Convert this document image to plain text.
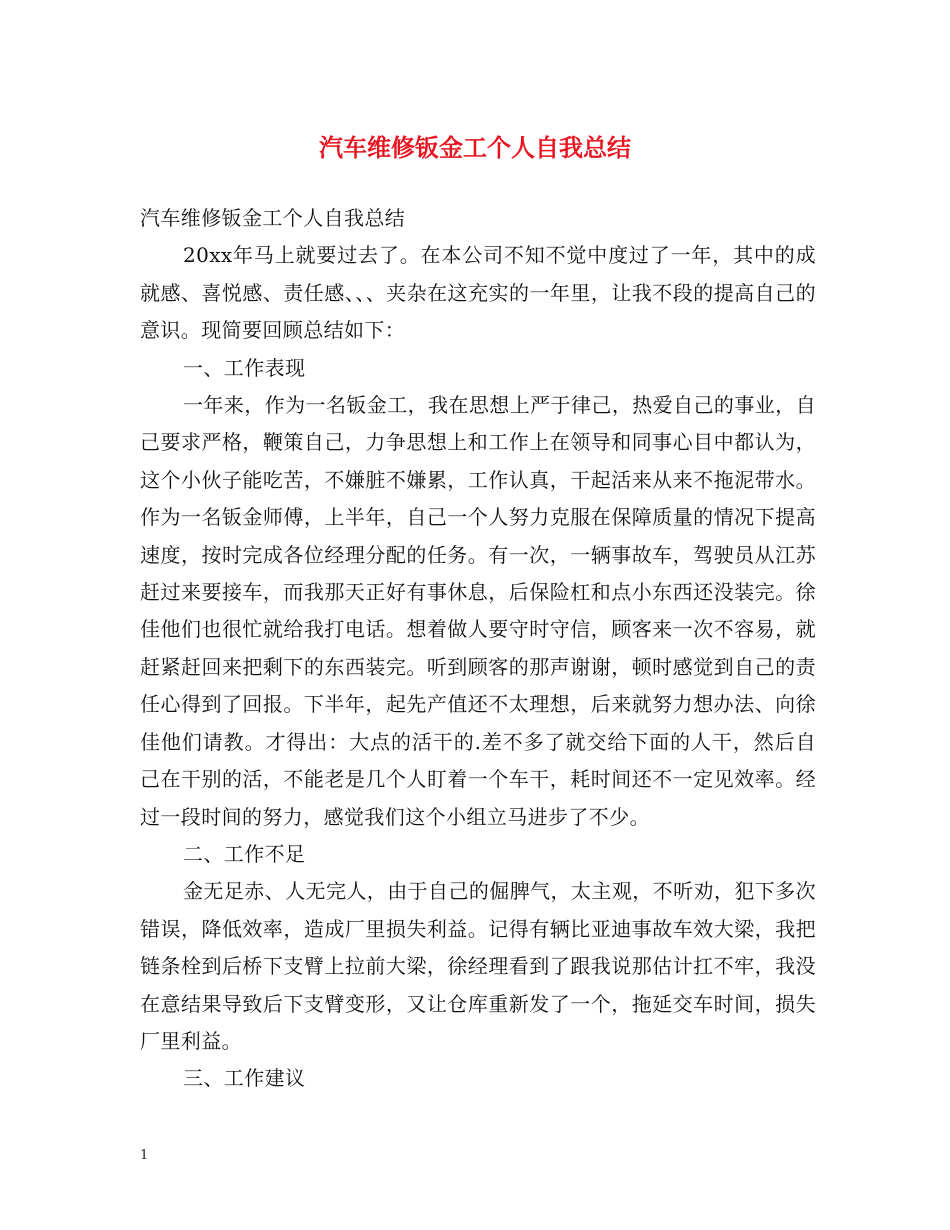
汽车维修钣金工个人自我总结

汽车维修钣金工个人自我总结

20xx年马上就要过去了。在本公司不知不觉中度过了一年，其中的成就感、喜悦感、责任感、、、夹杂在这充实的一年里，让我不段的提高自己的意识。现简要回顾总结如下：

一、工作表现

一年来，作为一名钣金工，我在思想上严于律己，热爱自己的事业，自己要求严格，鞭策自己，力争思想上和工作上在领导和同事心目中都认为，这个小伙子能吃苦，不嫌脏不嫌累，工作认真，干起活来从来不拖泥带水。作为一名钣金师傅，上半年，自己一个人努力克服在保障质量的情况下提高速度，按时完成各位经理分配的任务。有一次，一辆事故车，驾驶员从江苏赶过来要接车，而我那天正好有事休息，后保险杠和点小东西还没装完。徐佳他们也很忙就给我打电话。想着做人要守时守信，顾客来一次不容易，就赶紧赶回来把剩下的东西装完。听到顾客的那声谢谢，顿时感觉到自己的责任心得到了回报。下半年，起先产值还不太理想，后来就努力想办法、向徐佳他们请教。才得出：大点的活干的.差不多了就交给下面的人干，然后自己在干别的活，不能老是几个人盯着一个车干，耗时间还不一定见效率。经过一段时间的努力，感觉我们这个小组立马进步了不少。

二、工作不足

金无足赤、人无完人，由于自己的倔脾气，太主观，不听劝，犯下多次错误，降低效率，造成厂里损失利益。记得有辆比亚迪事故车效大梁，我把链条栓到后桥下支臂上拉前大梁，徐经理看到了跟我说那估计扛不牢，我没在意结果导致后下支臂变形，又让仓库重新发了一个，拖延交车时间，损失厂里利益。

三、工作建议

1
